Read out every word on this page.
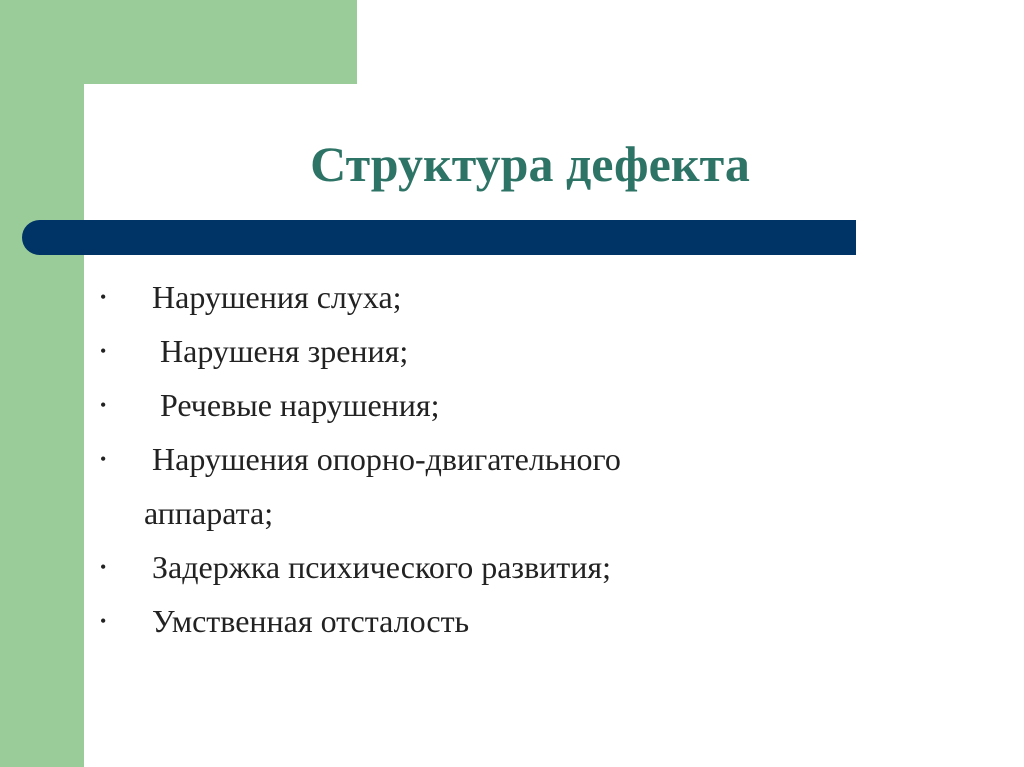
Структура дефекта
•	Нарушения слуха;
•	Нарушеня зрения;
•	Речевые нарушения;
•	Нарушения опорно-двигательного аппарата;
•	Задержка психического развития;
•	Умственная отсталость
